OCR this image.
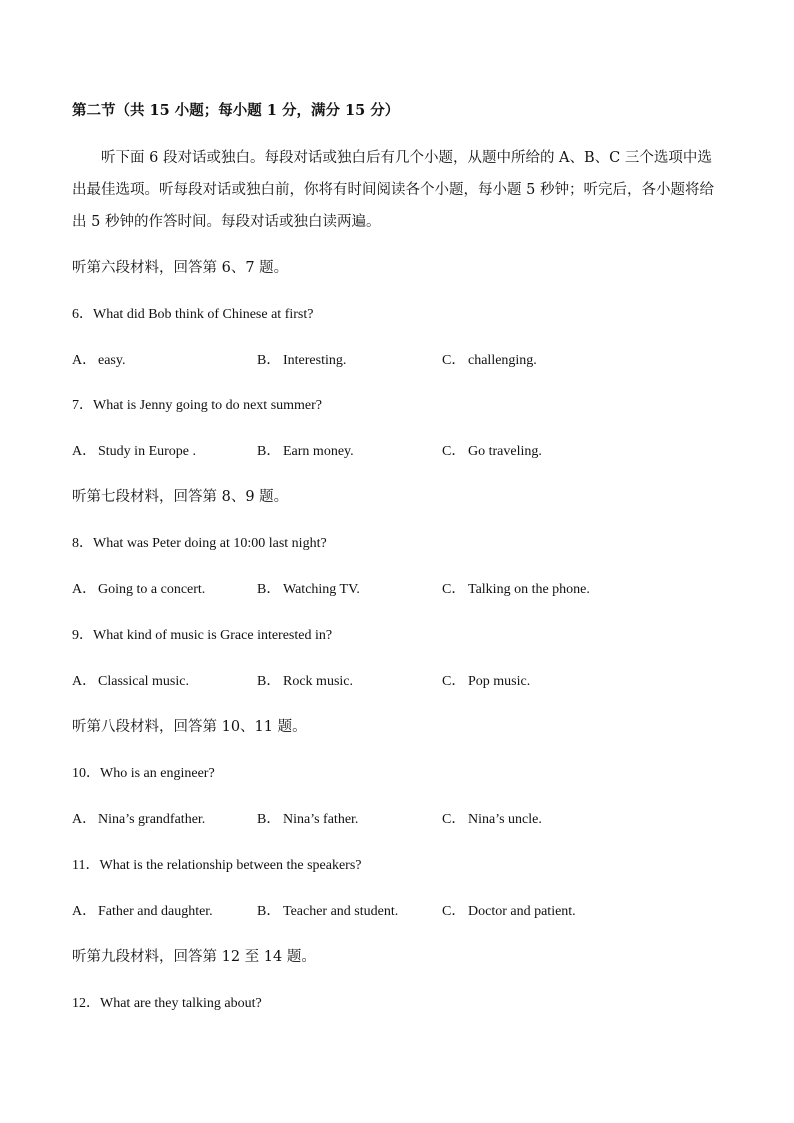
第二节（共 15 小题；每小题 1 分，满分 15 分）
听下面 6 段对话或独白。每段对话或独白后有几个小题，从题中所给的 A、B、C 三个选项中选出最佳选项。听每段对话或独白前，你将有时间阅读各个小题，每小题 5 秒钟；听完后，各小题将给出 5 秒钟的作答时间。每段对话或独白读两遍。
听第六段材料，回答第 6、7 题。
6．What did Bob think of Chinese at first?
A． easy.	B． Interesting.	C． challenging.
7．What is Jenny going to do next summer?
A． Study in Europe .	B． Earn money.	C． Go traveling.
听第七段材料，回答第 8、9 题。
8．What was Peter doing at 10:00 last night?
A． Going to a concert.	B． Watching TV.	C． Talking on the phone.
9．What kind of music is Grace interested in?
A． Classical music.	B． Rock music.	C． Pop music.
听第八段材料，回答第 10、11 题。
10．Who is an engineer?
A． Nina’s grandfather.	B． Nina’s father.	C． Nina’s uncle.
11．What is the relationship between the speakers?
A． Father and daughter.	B． Teacher and student.	C． Doctor and patient.
听第九段材料，回答第 12 至 14 题。
12．What are they talking about?
